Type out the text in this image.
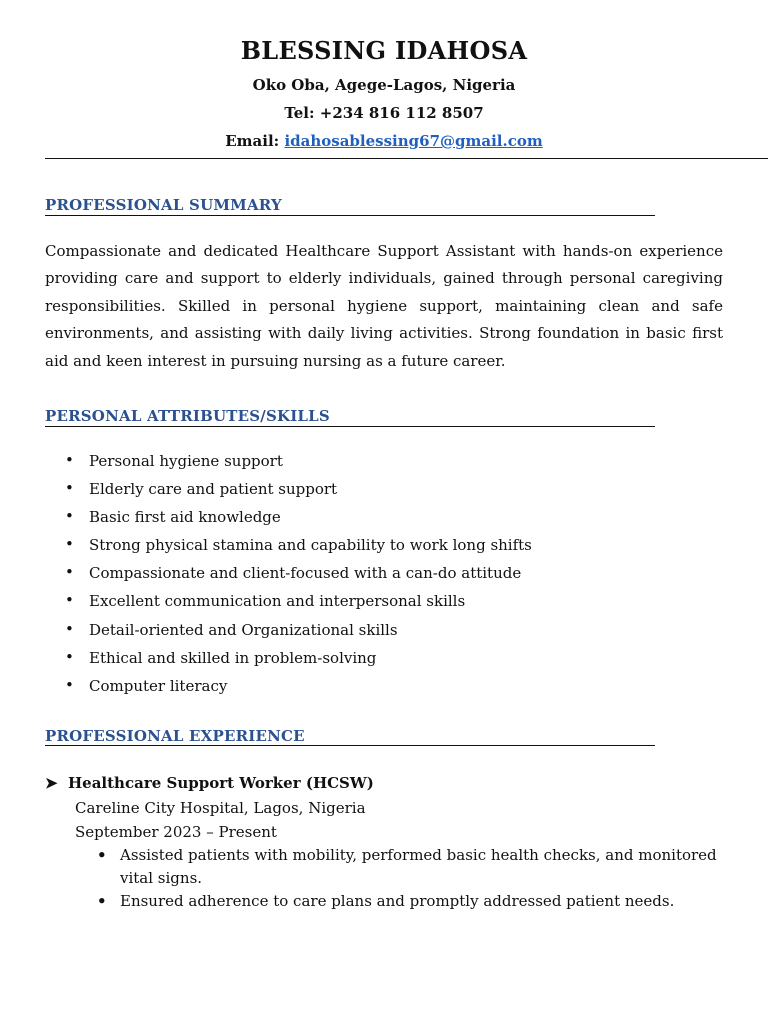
BLESSING IDAHOSA
Oko Oba, Agege-Lagos, Nigeria
Tel: +234 816 112 8507
Email: idahosablessing67@gmail.com
PROFESSIONAL SUMMARY

Compassionate and dedicated Healthcare Support Assistant with hands-on experience providing care and support to elderly individuals, gained through personal caregiving responsibilities. Skilled in personal hygiene support, maintaining clean and safe environments, and assisting with daily living activities. Strong foundation in basic first aid and keen interest in pursuing nursing as a future career.

PERSONAL ATTRIBUTES/SKILLS
• Personal hygiene support
• Elderly care and patient support
• Basic first aid knowledge
• Strong physical stamina and capability to work long shifts
• Compassionate and client-focused with a can-do attitude
• Excellent communication and interpersonal skills
• Detail-oriented and Organizational skills
• Ethical and skilled in problem-solving
• Computer literacy
PROFESSIONAL EXPERIENCE
➤ Healthcare Support Worker (HCSW)
Careline City Hospital, Lagos, Nigeria
September 2023 – Present
• Assisted patients with mobility, performed basic health checks, and monitored vital signs.
• Ensured adherence to care plans and promptly addressed patient needs.
